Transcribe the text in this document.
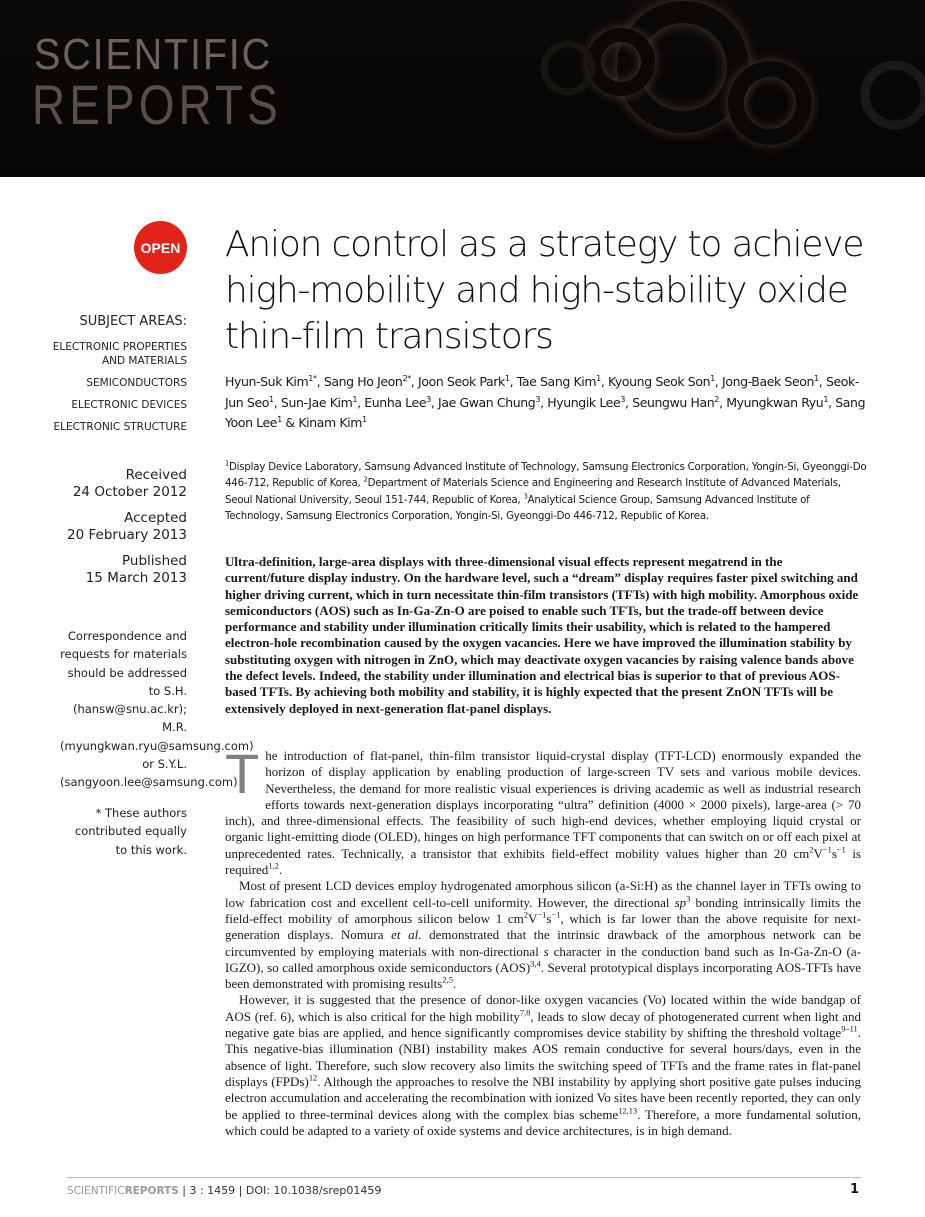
SCIENTIFIC
REPORTS
OPEN
SUBJECT AREAS:
ELECTRONIC PROPERTIES AND MATERIALS
SEMICONDUCTORS
ELECTRONIC DEVICES
ELECTRONIC STRUCTURE
Received
24 October 2012
Accepted
20 February 2013
Published
15 March 2013
Correspondence and requests for materials should be addressed to S.H. (hansw@snu.ac.kr); M.R. (myungkwan.ryu@samsung.com) or S.Y.L. (sangyoon.lee@samsung.com)
* These authors contributed equally to this work.
Anion control as a strategy to achieve high-mobility and high-stability oxide thin-film transistors
Hyun-Suk Kim$^{1*}$, Sang Ho Jeon$^{2*}$, Joon Seok Park$^1$, Tae Sang Kim$^1$, Kyoung Seok Son$^1$, Jong-Baek Seon$^1$, Seok-Jun Seo$^1$, Sun-Jae Kim$^1$, Eunha Lee$^3$, Jae Gwan Chung$^3$, Hyungik Lee$^3$, Seungwu Han$^2$, Myungkwan Ryu$^1$, Sang Yoon Lee$^1$ & Kinam Kim$^1$
$^1$Display Device Laboratory, Samsung Advanced Institute of Technology, Samsung Electronics Corporation, Yongin-Si, Gyeonggi-Do 446-712, Republic of Korea, $^2$Department of Materials Science and Engineering and Research Institute of Advanced Materials, Seoul National University, Seoul 151-744, Republic of Korea, $^3$Analytical Science Group, Samsung Advanced Institute of Technology, Samsung Electronics Corporation, Yongin-Si, Gyeonggi-Do 446-712, Republic of Korea.
Ultra-definition, large-area displays with three-dimensional visual effects represent megatrend in the current/future display industry. On the hardware level, such a “dream” display requires faster pixel switching and higher driving current, which in turn necessitate thin-film transistors (TFTs) with high mobility. Amorphous oxide semiconductors (AOS) such as In-Ga-Zn-O are poised to enable such TFTs, but the trade-off between device performance and stability under illumination critically limits their usability, which is related to the hampered electron-hole recombination caused by the oxygen vacancies. Here we have improved the illumination stability by substituting oxygen with nitrogen in ZnO, which may deactivate oxygen vacancies by raising valence bands above the defect levels. Indeed, the stability under illumination and electrical bias is superior to that of previous AOS-based TFTs. By achieving both mobility and stability, it is highly expected that the present ZnON TFTs will be extensively deployed in next-generation flat-panel displays.

The introduction of flat-panel, thin-film transistor liquid-crystal display (TFT-LCD) enormously expanded the horizon of display application by enabling production of large-screen TV sets and various mobile devices. Nevertheless, the demand for more realistic visual experiences is driving academic as well as industrial research efforts towards next-generation displays incorporating “ultra” definition (4000 × 2000 pixels), large-area (> 70 inch), and three-dimensional effects. The feasibility of such high-end devices, whether employing liquid crystal or organic light-emitting diode (OLED), hinges on high performance TFT components that can switch on or off each pixel at unprecedented rates. Technically, a transistor that exhibits field-effect mobility values higher than 20 $cm^2V^{-1}s^{-1}$ is required$^{1,2}$.

Most of present LCD devices employ hydrogenated amorphous silicon (a-Si:H) as the channel layer in TFTs owing to low fabrication cost and excellent cell-to-cell uniformity. However, the directional $sp^3$ bonding intrinsically limits the field-effect mobility of amorphous silicon below 1 $cm^2V^{-1}s^{-1}$, which is far lower than the above requisite for next-generation displays. Nomura et al. demonstrated that the intrinsic drawback of the amorphous network can be circumvented by employing materials with non-directional s character in the conduction band such as In-Ga-Zn-O (a-IGZO), so called amorphous oxide semiconductors (AOS)$^{3,4}$. Several prototypical displays incorporating AOS-TFTs have been demonstrated with promising results$^{2,5}$.

However, it is suggested that the presence of donor-like oxygen vacancies (Vo) located within the wide bandgap of AOS (ref. 6), which is also critical for the high mobility$^{7,8}$, leads to slow decay of photogenerated current when light and negative gate bias are applied, and hence significantly compromises device stability by shifting the threshold voltage$^{9-11}$. This negative-bias illumination (NBI) instability makes AOS remain conductive for several hours/days, even in the absence of light. Therefore, such slow recovery also limits the switching speed of TFTs and the frame rates in flat-panel displays (FPDs)$^{12}$. Although the approaches to resolve the NBI instability by applying short positive gate pulses inducing electron accumulation and accelerating the recombination with ionized Vo sites have been recently reported, they can only be applied to three-terminal devices along with the complex bias scheme$^{12,13}$. Therefore, a more fundamental solution, which could be adapted to a variety of oxide systems and device architectures, is in high demand.

SCIENTIFICREPORTS | 3 : 1459 | DOI: 10.1038/srep01459	1
